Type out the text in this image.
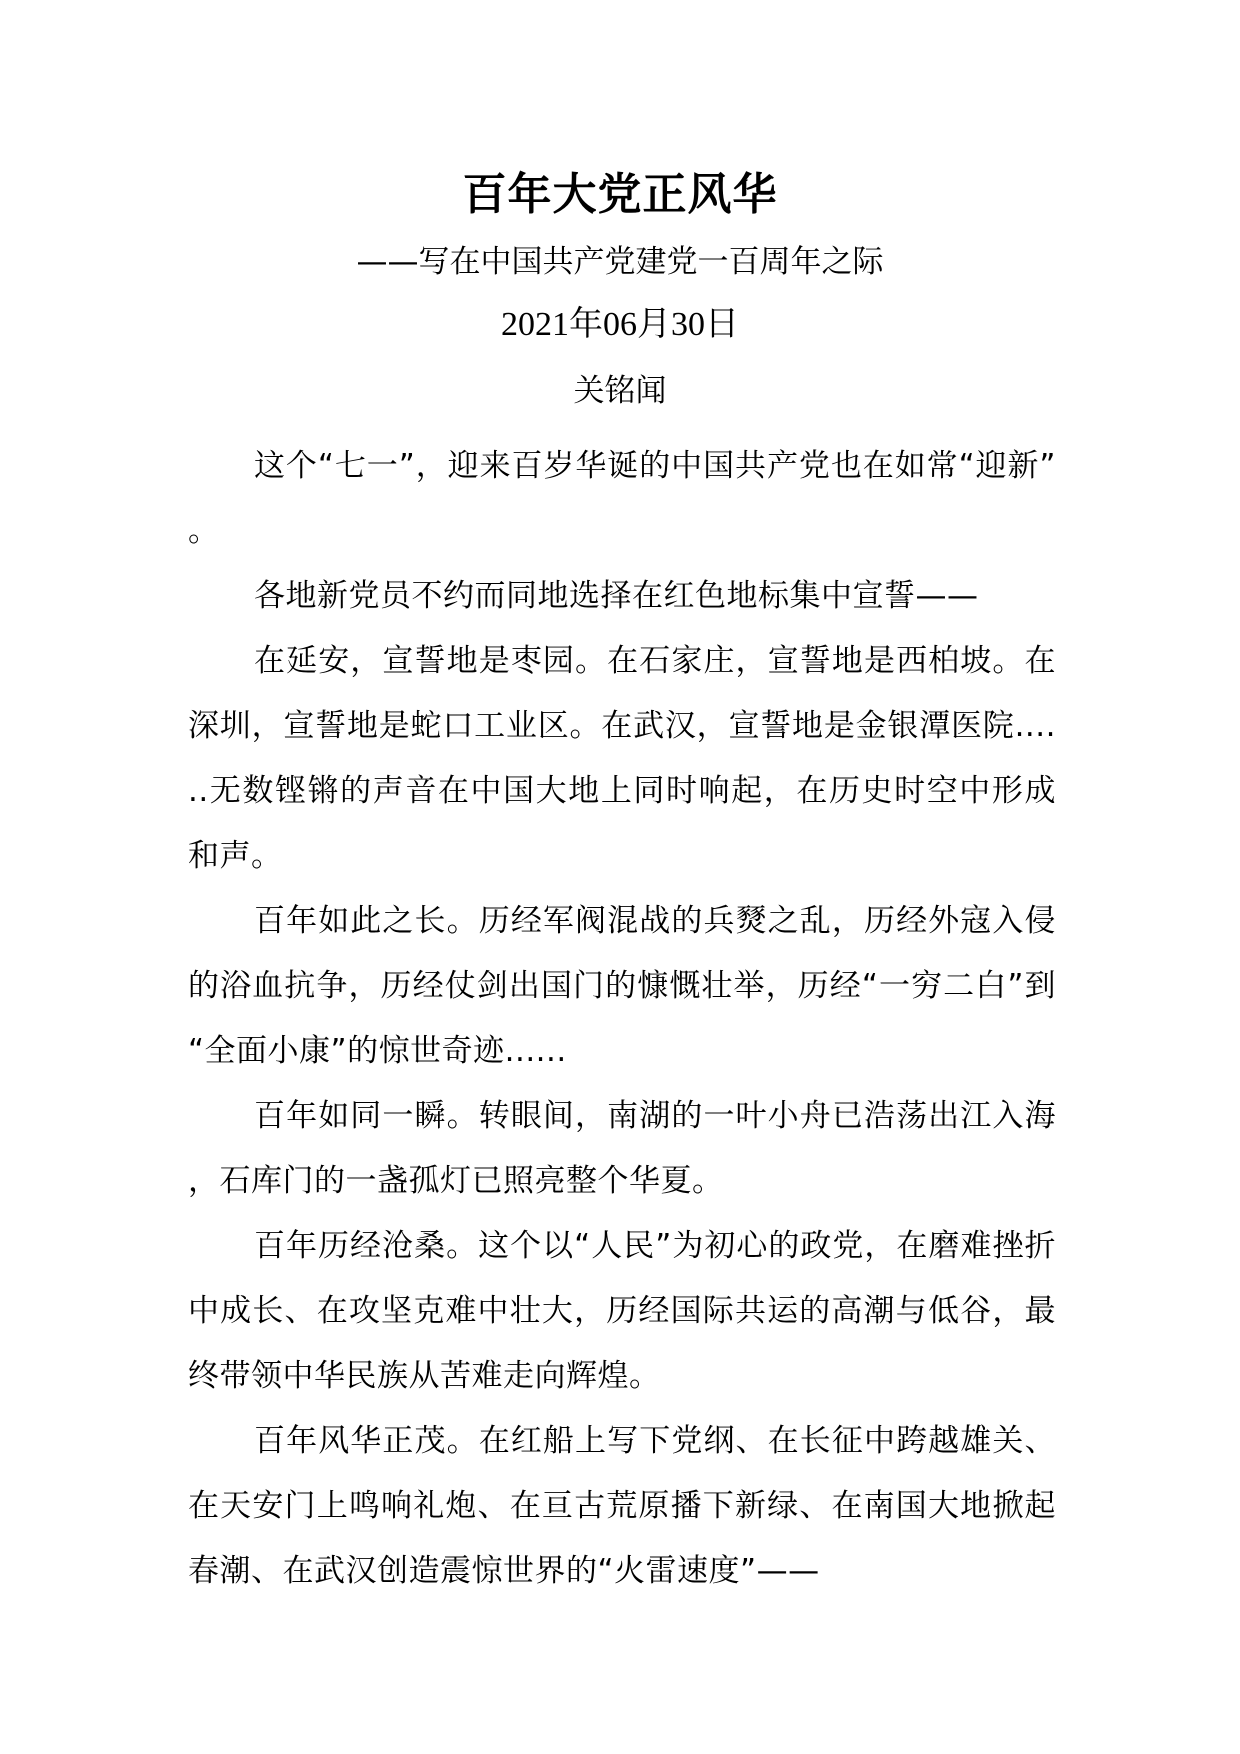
百年大党正风华
——写在中国共产党建党一百周年之际
2021年06月30日
关铭闻

这个“七一”，迎来百岁华诞的中国共产党也在如常“迎新”。

各地新党员不约而同地选择在红色地标集中宣誓——

在延安，宣誓地是枣园。在石家庄，宣誓地是西柏坡。在深圳，宣誓地是蛇口工业区。在武汉，宣誓地是金银潭医院......无数铿锵的声音在中国大地上同时响起，在历史时空中形成和声。

百年如此之长。历经军阀混战的兵燹之乱，历经外寇入侵的浴血抗争，历经仗剑出国门的慷慨壮举，历经“一穷二白”到“全面小康”的惊世奇迹......

百年如同一瞬。转眼间，南湖的一叶小舟已浩荡出江入海，石库门的一盏孤灯已照亮整个华夏。

百年历经沧桑。这个以“人民”为初心的政党，在磨难挫折中成长、在攻坚克难中壮大，历经国际共运的高潮与低谷，最终带领中华民族从苦难走向辉煌。

百年风华正茂。在红船上写下党纲、在长征中跨越雄关、在天安门上鸣响礼炮、在亘古荒原播下新绿、在南国大地掀起春潮、在武汉创造震惊世界的“火雷速度”——
